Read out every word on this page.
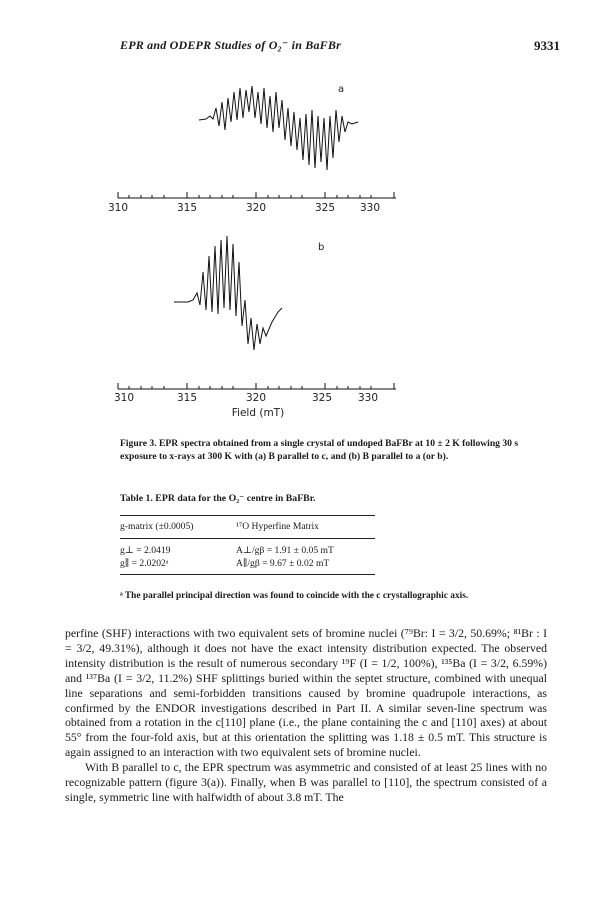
EPR and ODEPR Studies of O₂⁻ in BaFBr	9331
a
310	315	320	325 330
b
310	315	320	325 330
Field (mT)
Figure 3. EPR spectra obtained from a single crystal of undoped BaFBr at 10 ± 2 K following 30 s exposure to x-rays at 300 K with (a) B parallel to c, and (b) B parallel to a (or b).
Table 1. EPR data for the O₂⁻ centre in BaFBr.
g-matrix (±0.0005)	¹⁷O Hyperfine Matrix
g⊥ = 2.0419	A⊥/gβ = 1.91 ± 0.05 mT
g∥ = 2.0202ᵃ	A∥/gβ = 9.67 ± 0.02 mT
ᵃ The parallel principal direction was found to coincide with the c crystallographic axis.

perfine (SHF) interactions with two equivalent sets of bromine nuclei (⁷⁹Br: I = 3/2, 50.69%; ⁸¹Br : I = 3/2, 49.31%), although it does not have the exact intensity distribution expected. The observed intensity distribution is the result of numerous secondary ¹⁹F (I = 1/2, 100%), ¹³⁵Ba (I = 3/2, 6.59%) and ¹³⁷Ba (I = 3/2, 11.2%) SHF splittings buried within the septet structure, combined with unequal line separations and semi-forbidden transitions caused by bromine quadrupole interactions, as confirmed by the ENDOR investigations described in Part II. A similar seven-line spectrum was obtained from a rotation in the c[110] plane (i.e., the plane containing the c and [110] axes) at about 55° from the four-fold axis, but at this orientation the splitting was 1.18 ± 0.5 mT. This structure is again assigned to an interaction with two equivalent sets of bromine nuclei.

With B parallel to c, the EPR spectrum was asymmetric and consisted of at least 25 lines with no recognizable pattern (figure 3(a)). Finally, when B was parallel to [110], the spectrum consisted of a single, symmetric line with halfwidth of about 3.8 mT. The
